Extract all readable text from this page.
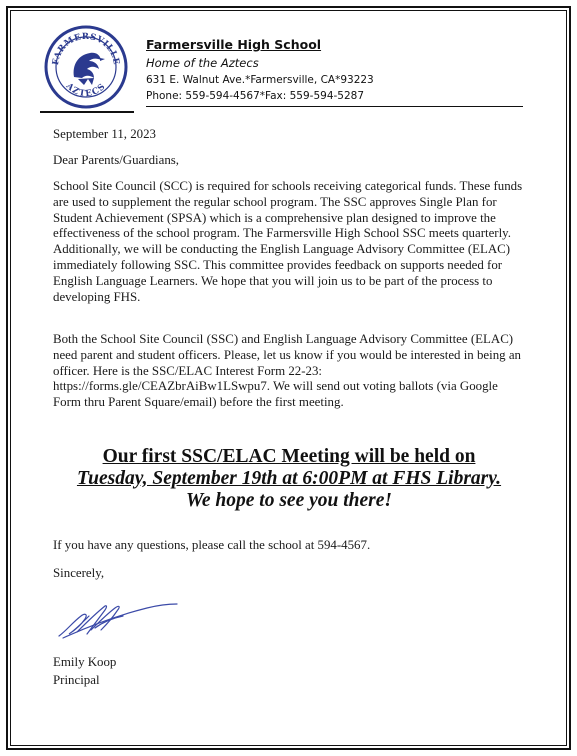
FARMERSVILLE
AZTECS
Farmersville High School
Home of the Aztecs
631 E. Walnut Ave.*Farmersville, CA*93223
Phone: 559-594-4567*Fax: 559-594-5287
September 11, 2023
Dear Parents/Guardians,
School Site Council (SCC) is required for schools receiving categorical funds. These funds are used to supplement the regular school program. The SSC approves Single Plan for Student Achievement (SPSA) which is a comprehensive plan designed to improve the effectiveness of the school program. The Farmersville High School SSC meets quarterly. Additionally, we will be conducting the English Language Advisory Committee (ELAC) immediately following SSC. This committee provides feedback on supports needed for English Language Learners. We hope that you will join us to be part of the process to developing FHS.
Both the School Site Council (SSC) and English Language Advisory Committee (ELAC) need parent and student officers. Please, let us know if you would be interested in being an officer. Here is the SSC/ELAC Interest Form 22-23: https://forms.gle/CEAZbrAiBw1LSwpu7. We will send out voting ballots (via Google Form thru Parent Square/email) before the first meeting.
Our first SSC/ELAC Meeting will be held on
Tuesday, September 19th at 6:00PM at FHS Library.
We hope to see you there!
If you have any questions, please call the school at 594-4567.
Sincerely,
Emily Koop
Principal
